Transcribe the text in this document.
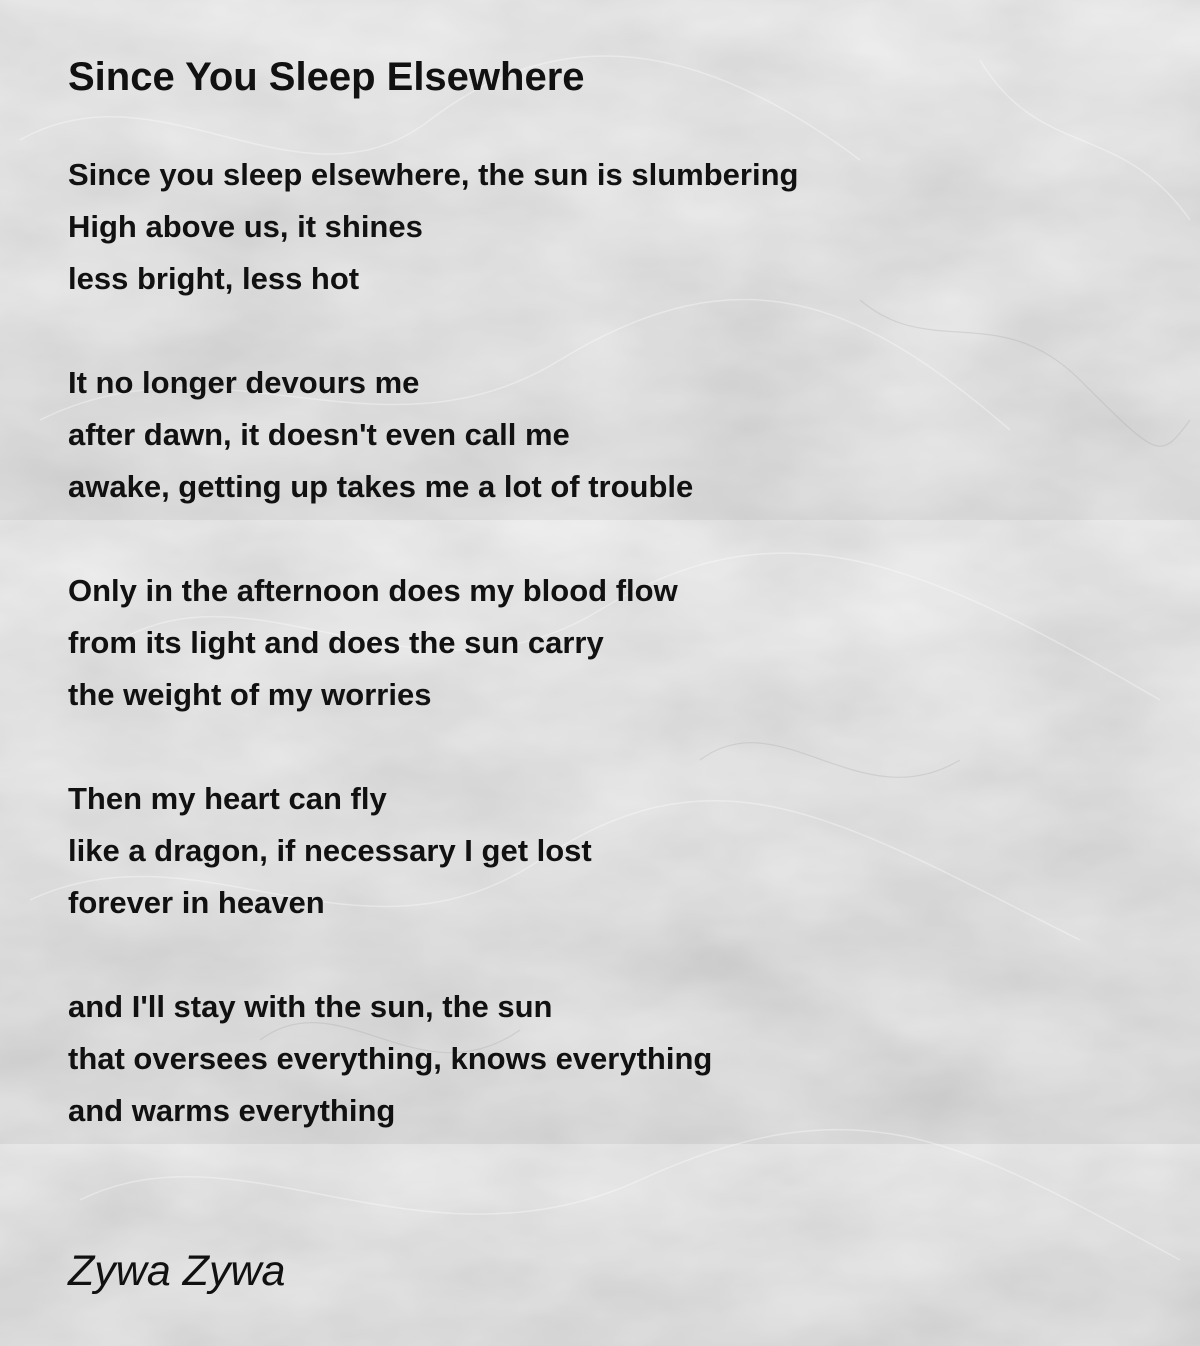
Since You Sleep Elsewhere
Since you sleep elsewhere, the sun is slumbering
High above us, it shines
less bright, less hot
It no longer devours me
after dawn, it doesn't even call me
awake, getting up takes me a lot of trouble
Only in the afternoon does my blood flow
from its light and does the sun carry
the weight of my worries
Then my heart can fly
like a dragon, if necessary I get lost
forever in heaven
and I'll stay with the sun, the sun
that oversees everything, knows everything
and warms everything
Zywa Zywa
